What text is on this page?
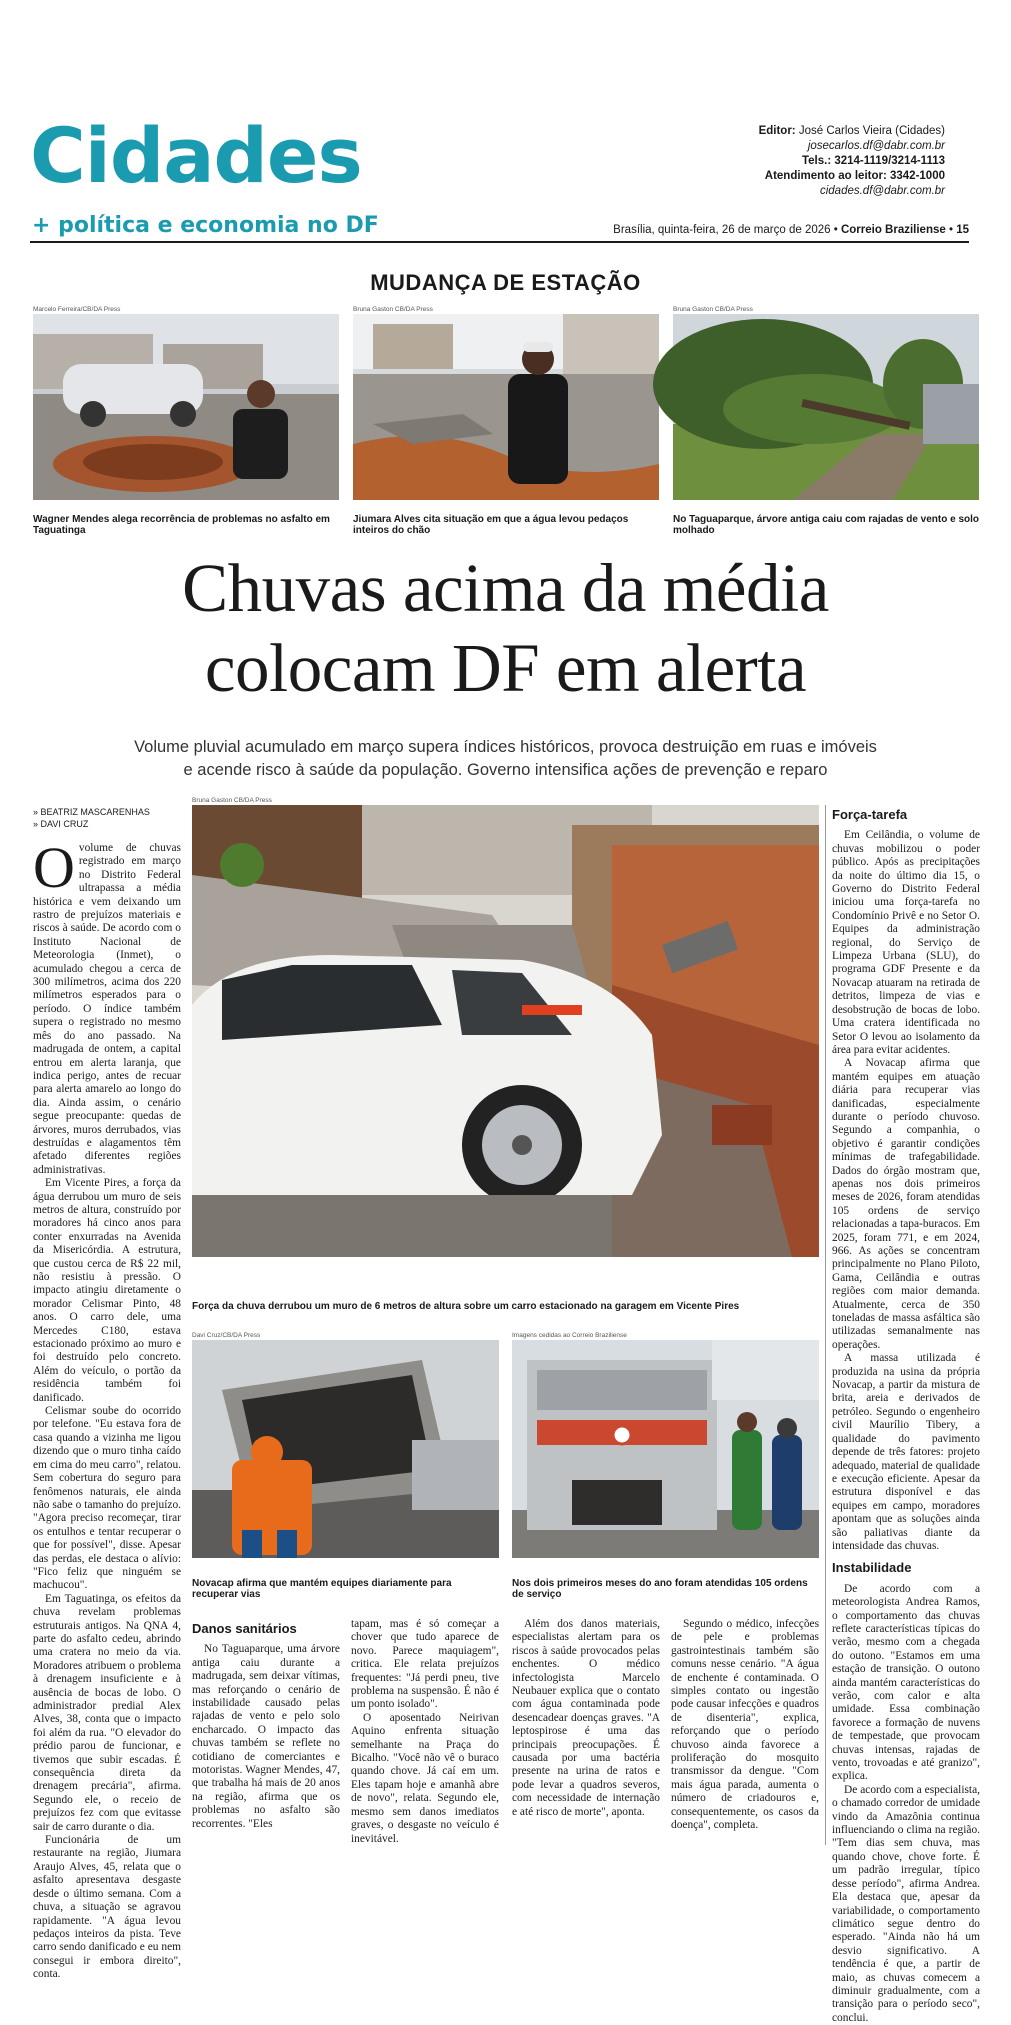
Cidades
+ política e economia no DF
Editor: José Carlos Vieira (Cidades)
josecarlos.df@dabr.com.br
Tels.: 3214-1119/3214-1113
Atendimento ao leitor: 3342-1000
cidades.df@dabr.com.br
Brasília, quinta-feira, 26 de março de 2026 • Correio Braziliense • 15
MUDANÇA DE ESTAÇÃO
Marcelo Ferreira/CB/DA Press
Wagner Mendes alega recorrência de problemas no asfalto em Taguatinga
Bruna Gaston CB/DA Press
Jiumara Alves cita situação em que a água levou pedaços inteiros do chão
Bruna Gaston CB/DA Press
No Taguaparque, árvore antiga caiu com rajadas de vento e solo molhado
Chuvas acima da média
colocam DF em alerta
Volume pluvial acumulado em março supera índices históricos, provoca destruição em ruas e imóveis
e acende risco à saúde da população. Governo intensifica ações de prevenção e reparo
» BEATRIZ MASCARENHAS
» DAVI CRUZ
Bruna Gaston CB/DA Press
Força da chuva derrubou um muro de 6 metros de altura sobre um carro estacionado na garagem em Vicente Pires
Davi Cruz/CB/DA Press
Novacap afirma que mantém equipes diariamente para recuperar vias
Imagens cedidas ao Correio Braziliense
Nos dois primeiros meses do ano foram atendidas 105 ordens de serviço

Ovolume de chuvas registrado em março no Distrito Federal ultrapassa a média histórica e vem deixando um rastro de prejuízos materiais e riscos à saúde. De acordo com o Instituto Nacional de Meteorologia (Inmet), o acumulado chegou a cerca de 300 milímetros, acima dos 220 milímetros esperados para o período. O índice também supera o registrado no mesmo mês do ano passado. Na madrugada de ontem, a capital entrou em alerta laranja, que indica perigo, antes de recuar para alerta amarelo ao longo do dia. Ainda assim, o cenário segue preocupante: quedas de árvores, muros derrubados, vias destruídas e alagamentos têm afetado diferentes regiões administrativas.

Em Vicente Pires, a força da água derrubou um muro de seis metros de altura, construído por moradores há cinco anos para conter enxurradas na Avenida da Misericórdia. A estrutura, que custou cerca de R$ 22 mil, não resistiu à pressão. O impacto atingiu diretamente o morador Celismar Pinto, 48 anos. O carro dele, uma Mercedes C180, estava estacionado próximo ao muro e foi destruído pelo concreto. Além do veículo, o portão da residência também foi danificado.

Celismar soube do ocorrido por telefone. "Eu estava fora de casa quando a vizinha me ligou dizendo que o muro tinha caído em cima do meu carro", relatou. Sem cobertura do seguro para fenômenos naturais, ele ainda não sabe o tamanho do prejuízo. "Agora preciso recomeçar, tirar os entulhos e tentar recuperar o que for possível", disse. Apesar das perdas, ele destaca o alívio: "Fico feliz que ninguém se machucou".

Em Taguatinga, os efeitos da chuva revelam problemas estruturais antigos. Na QNA 4, parte do asfalto cedeu, abrindo uma cratera no meio da via. Moradores atribuem o problema à drenagem insuficiente e à ausência de bocas de lobo. O administrador predial Alex Alves, 38, conta que o impacto foi além da rua. "O elevador do prédio parou de funcionar, e tivemos que subir escadas. É consequência direta da drenagem precária", afirma. Segundo ele, o receio de prejuízos fez com que evitasse sair de carro durante o dia.

Funcionária de um restaurante na região, Jiumara Araujo Alves, 45, relata que o asfalto apresentava desgaste desde o último semana. Com a chuva, a situação se agravou rapidamente. "A água levou pedaços inteiros da pista. Teve carro sendo danificado e eu nem consegui ir embora direito", conta.

Danos sanitários

No Taguaparque, uma árvore antiga caiu durante a madrugada, sem deixar vítimas, mas reforçando o cenário de instabilidade causado pelas rajadas de vento e pelo solo encharcado. O impacto das chuvas também se reflete no cotidiano de comerciantes e motoristas. Wagner Mendes, 47, que trabalha há mais de 20 anos na região, afirma que os problemas no asfalto são recorrentes. "Eles

tapam, mas é só começar a chover que tudo aparece de novo. Parece maquiagem", critica. Ele relata prejuízos frequentes: "Já perdi pneu, tive problema na suspensão. É não é um ponto isolado".

O aposentado Neirivan Aquino enfrenta situação semelhante na Praça do Bicalho. "Você não vê o buraco quando chove. Já caí em um. Eles tapam hoje e amanhã abre de novo", relata. Segundo ele, mesmo sem danos imediatos graves, o desgaste no veículo é inevitável.

Além dos danos materiais, especialistas alertam para os riscos à saúde provocados pelas enchentes. O médico infectologista Marcelo Neubauer explica que o contato com água contaminada pode desencadear doenças graves. "A leptospirose é uma das principais preocupações. É causada por uma bactéria presente na urina de ratos e pode levar a quadros severos, com necessidade de internação e até risco de morte", aponta.

Segundo o médico, infecções de pele e problemas gastrointestinais também são comuns nesse cenário. "A água de enchente é contaminada. O simples contato ou ingestão pode causar infecções e quadros de disenteria", explica, reforçando que o período chuvoso ainda favorece a proliferação do mosquito transmissor da dengue. "Com mais água parada, aumenta o número de criadouros e, consequentemente, os casos da doença", completa.

Força-tarefa

Em Ceilândia, o volume de chuvas mobilizou o poder público. Após as precipitações da noite do último dia 15, o Governo do Distrito Federal iniciou uma força-tarefa no Condomínio Privê e no Setor O. Equipes da administração regional, do Serviço de Limpeza Urbana (SLU), do programa GDF Presente e da Novacap atuaram na retirada de detritos, limpeza de vias e desobstrução de bocas de lobo. Uma cratera identificada no Setor O levou ao isolamento da área para evitar acidentes.

A Novacap afirma que mantém equipes em atuação diária para recuperar vias danificadas, especialmente durante o período chuvoso. Segundo a companhia, o objetivo é garantir condições mínimas de trafegabilidade. Dados do órgão mostram que, apenas nos dois primeiros meses de 2026, foram atendidas 105 ordens de serviço relacionadas a tapa-buracos. Em 2025, foram 771, e em 2024, 966. As ações se concentram principalmente no Plano Piloto, Gama, Ceilândia e outras regiões com maior demanda. Atualmente, cerca de 350 toneladas de massa asfáltica são utilizadas semanalmente nas operações.

A massa utilizada é produzida na usina da própria Novacap, a partir da mistura de brita, areia e derivados de petróleo. Segundo o engenheiro civil Maurílio Tibery, a qualidade do pavimento depende de três fatores: projeto adequado, material de qualidade e execução eficiente. Apesar da estrutura disponível e das equipes em campo, moradores apontam que as soluções ainda são paliativas diante da intensidade das chuvas.

Instabilidade

De acordo com a meteorologista Andrea Ramos, o comportamento das chuvas reflete características típicas do verão, mesmo com a chegada do outono. "Estamos em uma estação de transição. O outono ainda mantém características do verão, com calor e alta umidade. Essa combinação favorece a formação de nuvens de tempestade, que provocam chuvas intensas, rajadas de vento, trovoadas e até granizo", explica.

De acordo com a especialista, o chamado corredor de umidade vindo da Amazônia continua influenciando o clima na região. "Tem dias sem chuva, mas quando chove, chove forte. É um padrão irregular, típico desse período", afirma Andrea. Ela destaca que, apesar da variabilidade, o comportamento climático segue dentro do esperado. "Ainda não há um desvio significativo. A tendência é que, a partir de maio, as chuvas comecem a diminuir gradualmente, com a transição para o período seco", conclui.
